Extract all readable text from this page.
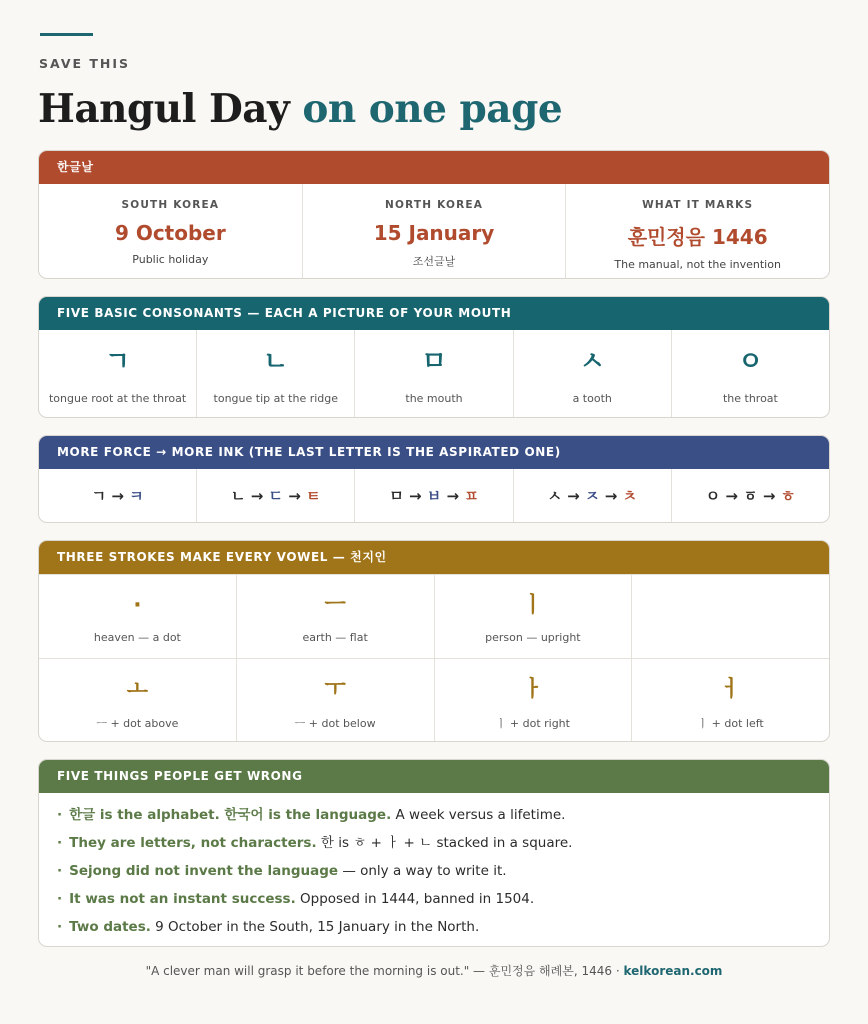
SAVE THIS
Hangul Day on one page
한글날
SOUTH KOREA
9 October
Public holiday
NORTH KOREA
15 January
조선글날
WHAT IT MARKS
훈민정음 1446
The manual, not the invention
FIVE BASIC CONSONANTS — EACH A PICTURE OF YOUR MOUTH
ㄱ
tongue root at the throat
ㄴ
tongue tip at the ridge
ㅁ
the mouth
ㅅ
a tooth
ㅇ
the throat
MORE FORCE → MORE INK (THE LAST LETTER IS THE ASPIRATED ONE)
ㄱ → ㅋ	ㄴ → ㄷ → ㅌ	ㅁ → ㅂ → ㅍ	ㅅ → ㅈ → ㅊ	ㅇ → ㆆ → ㅎ
THREE STROKES MAKE EVERY VOWEL — 천지인
·
heaven — a dot
ㅡ
earth — flat
ㅣ
person — upright
ㅗ
ㅡ + dot above
ㅜ
ㅡ + dot below
ㅏ
ㅣ + dot right
ㅓ
ㅣ + dot left
FIVE THINGS PEOPLE GET WRONG
· 한글 is the alphabet. 한국어 is the language. A week versus a lifetime.
· They are letters, not characters. 한 is ㅎ + ㅏ + ㄴ stacked in a square.
· Sejong did not invent the language — only a way to write it.
· It was not an instant success. Opposed in 1444, banned in 1504.
· Two dates. 9 October in the South, 15 January in the North.
"A clever man will grasp it before the morning is out." — 훈민정음 해례본, 1446 · kelkorean.com
